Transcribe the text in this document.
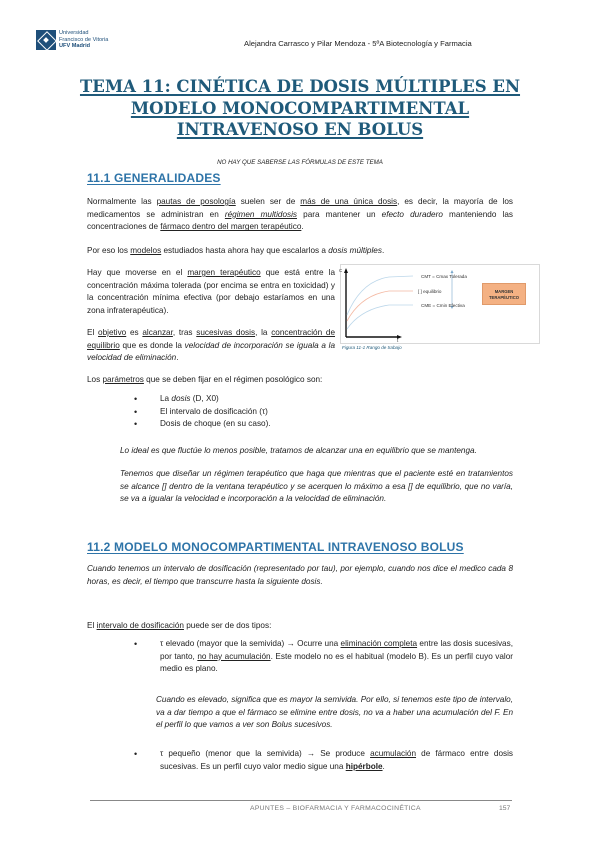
Universidad
Francisco de Vitoria
UFV Madrid	Alejandra Carrasco y Pilar Mendoza - 5ºA Biotecnología y Farmacia
TEMA 11: CINÉTICA DE DOSIS MÚLTIPLES EN
MODELO MONOCOMPARTIMENTAL
INTRAVENOSO EN BOLUS
NO HAY QUE SABERSE LAS FÓRMULAS DE ESTE TEMA
11.1 GENERALIDADES

Normalmente las pautas de posología suelen ser de más de una única dosis, es decir, la mayoría de los medicamentos se administran en régimen multidosis para mantener un efecto duradero manteniendo las concentraciones de fármaco dentro del margen terapéutico.

Por eso los modelos estudiados hasta ahora hay que escalarlos a dosis múltiples.

Hay que moverse en el margen terapéutico que está entre la concentración máxima tolerada (por encima se entra en toxicidad) y la concentración mínima efectiva (por debajo estaríamos en una zona infraterapéutica).

El objetivo es alcanzar, tras sucesivas dosis, la concentración de equilibrio que es donde la velocidad de incorporación se iguala a la velocidad de eliminación.

C
t
CMT = Cmax Tolerada
[ ] equilibrio
CME = Cmin Efectiva
MARGEN
TERAPÉUTICO
Figura 11-1 Rango de trabajo

Los parámetros que se deben fijar en el régimen posológico son:

• La dosis (D, X0)
• El intervalo de dosificación (τ)
• Dosis de choque (en su caso).

Lo ideal es que fluctúe lo menos posible, tratamos de alcanzar una en equilibrio que se mantenga.

Tenemos que diseñar un régimen terapéutico que haga que mientras que el paciente esté en tratamientos se alcance [] dentro de la ventana terapéutico y se acerquen lo máximo a esa [] de equilibrio, que no varía, se va a igualar la velocidad e incorporación a la velocidad de eliminación.

11.2 MODELO MONOCOMPARTIMENTAL INTRAVENOSO BOLUS

Cuando tenemos un intervalo de dosificación (representado por tau), por ejemplo, cuando nos dice el medico cada 8 horas, es decir, el tiempo que transcurre hasta la siguiente dosis.

El intervalo de dosificación puede ser de dos tipos:

• τ elevado (mayor que la semivida) → Ocurre una eliminación completa entre las dosis sucesivas, por tanto, no hay acumulación. Este modelo no es el habitual (modelo B). Es un perfil cuyo valor medio es plano.

Cuando es elevado, significa que es mayor la semivida. Por ello, si tenemos este tipo de intervalo, va a dar tiempo a que el fármaco se elimine entre dosis, no va a haber una acumulación del F. En el perfil lo que vamos a ver son Bolus sucesivos.

• τ pequeño (menor que la semivida) → Se produce acumulación de fármaco entre dosis sucesivas. Es un perfil cuyo valor medio sigue una hipérbole.
APUNTES – BIOFARMACIA Y FARMACOCINÉTICA	157
